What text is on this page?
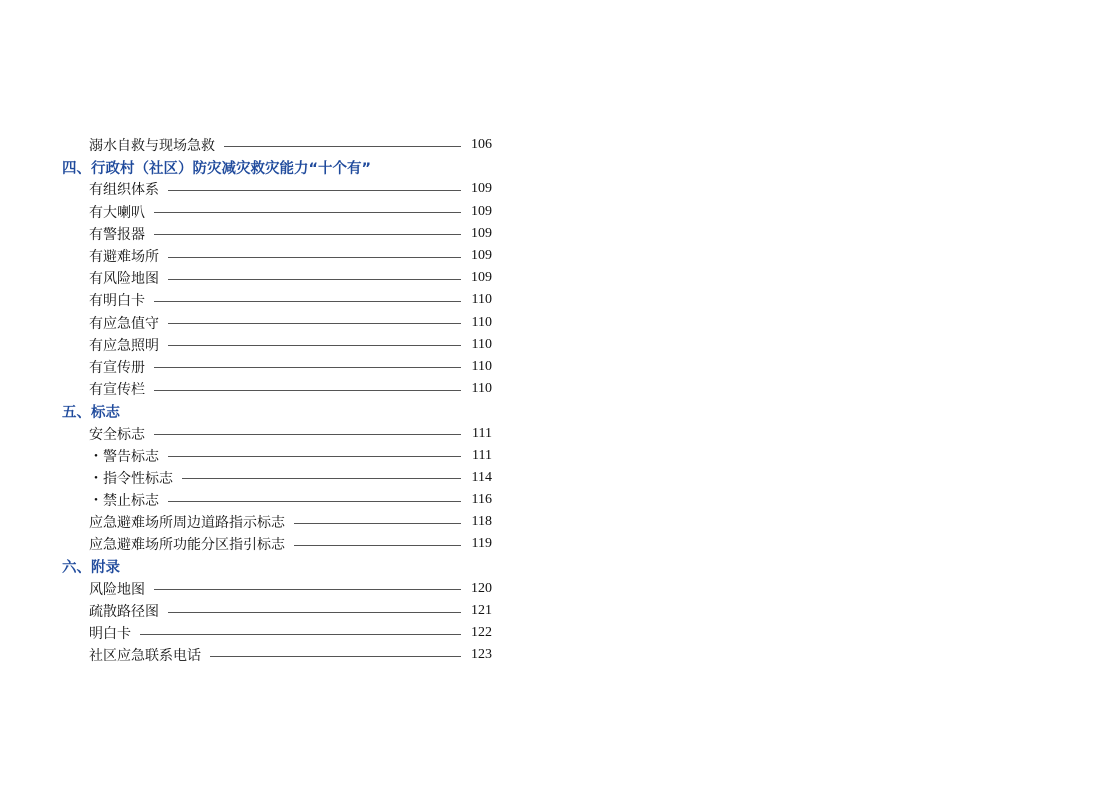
溺水自救与现场急救	106
四、行政村（社区）防灾减灾救灾能力“十个有”
有组织体系	109
有大喇叭	109
有警报器	109
有避难场所	109
有风险地图	109
有明白卡	110
有应急值守	110
有应急照明	110
有宣传册	110
有宣传栏	110
五、标志
安全标志	111
・警告标志	111
・指令性标志	114
・禁止标志	116
应急避难场所周边道路指示标志	118
应急避难场所功能分区指引标志	119
六、附录
风险地图	120
疏散路径图	121
明白卡	122
社区应急联系电话	123
